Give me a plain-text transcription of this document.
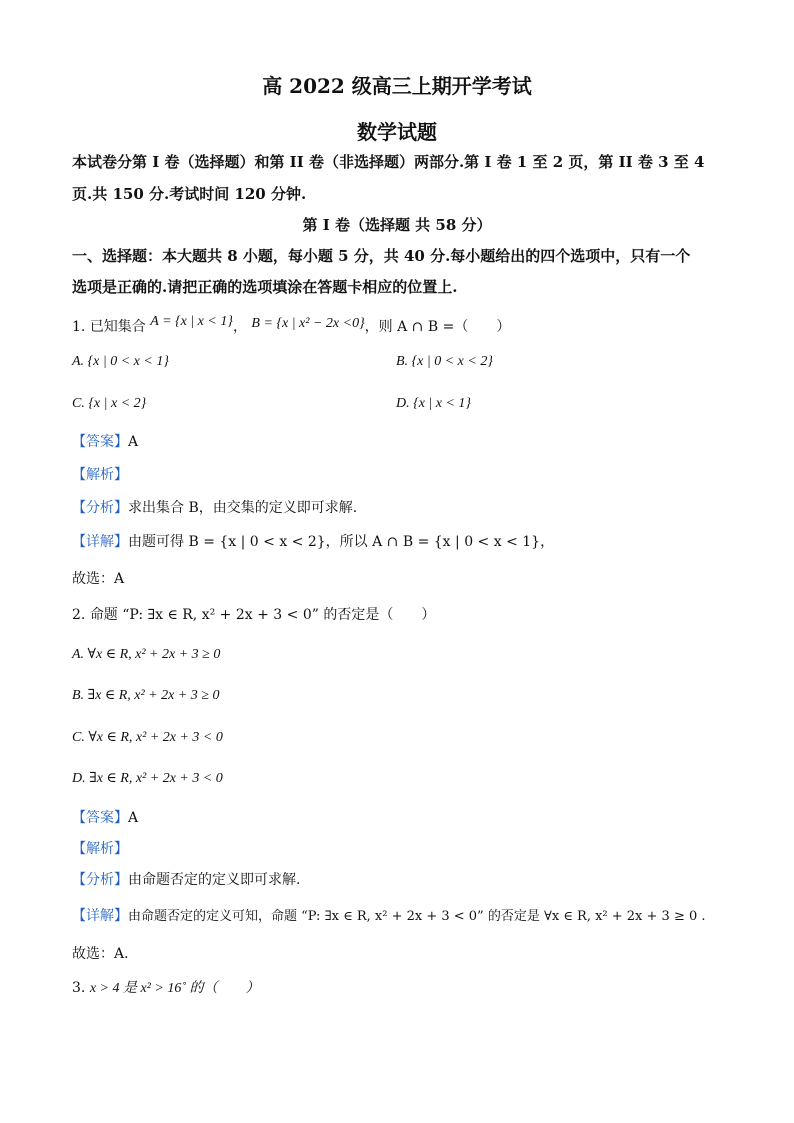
高 2022 级高三上期开学考试
数学试题
本试卷分第 I 卷（选择题）和第 II 卷（非选择题）两部分.第 I 卷 1 至 2 页，第 II 卷 3 至 4
页.共 150 分.考试时间 120 分钟.
第 I 卷（选择题 共 58 分）
一、选择题：本大题共 8 小题，每小题 5 分，共 40 分.每小题给出的四个选项中，只有一个
选项是正确的.请把正确的选项填涂在答题卡相应的位置上.
1. 已知集合 A = {x | x < 1}， B = {x | x² − 2x <0}，则 A ∩ B =（　　）
A. {x | 0 < x < 1}	B. {x | 0 < x < 2}
C. {x | x < 2}	D. {x | x < 1}
【答案】A
【解析】
【分析】求出集合 B，由交集的定义即可求解.
【详解】由题可得 B = {x | 0 < x < 2}，所以 A ∩ B = {x | 0 < x < 1}，
故选：A
2. 命题 “P: ∃x ∈ R, x² + 2x + 3 < 0” 的否定是（　　）
A. ∀x ∈ R, x² + 2x + 3 ≥ 0
B. ∃x ∈ R, x² + 2x + 3 ≥ 0
C. ∀x ∈ R, x² + 2x + 3 < 0
D. ∃x ∈ R, x² + 2x + 3 < 0
【答案】A
【解析】
【分析】由命题否定的定义即可求解.
【详解】由命题否定的定义可知，命题 “P: ∃x ∈ R, x² + 2x + 3 < 0” 的否定是 ∀x ∈ R, x² + 2x + 3 ≥ 0 .
故选：A.
3. x > 4 是 x² > 16˚ 的（　　）
